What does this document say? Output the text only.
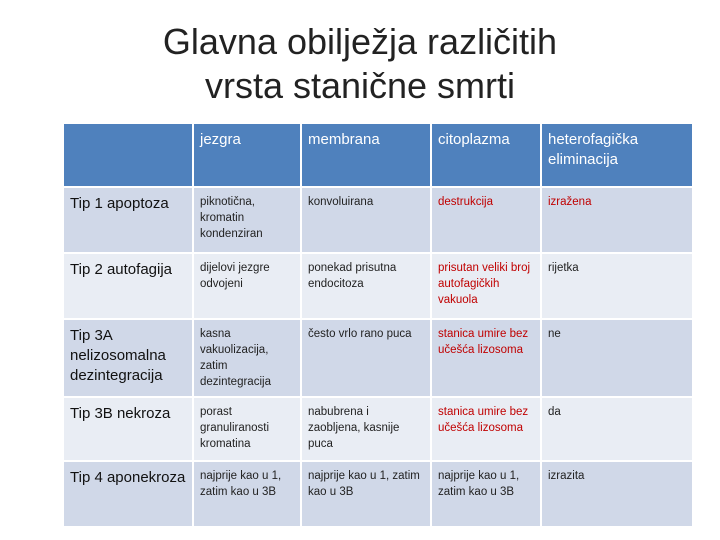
Glavna obilježja različitih
vrsta stanične smrti
	jezgra	membrana	citoplazma	heterofagička eliminacija
Tip 1 apoptoza	piknotična, kromatin kondenziran	konvoluirana	destrukcija	izražena
Tip 2 autofagija	dijelovi jezgre odvojeni	ponekad prisutna endocitoza	prisutan veliki broj autofagičkih vakuola	rijetka
Tip 3A nelizosomalna dezintegracija	kasna vakuolizacija, zatim dezintegracija	često vrlo rano puca	stanica umire bez učešća lizosoma	ne
Tip 3B nekroza	porast granuliranosti kromatina	nabubrena i zaobljena, kasnije puca	stanica umire bez učešća lizosoma	da
Tip 4 aponekroza	najprije kao u 1, zatim kao u 3B	najprije kao u 1, zatim kao u 3B	najprije kao u 1, zatim kao u 3B	izrazita
